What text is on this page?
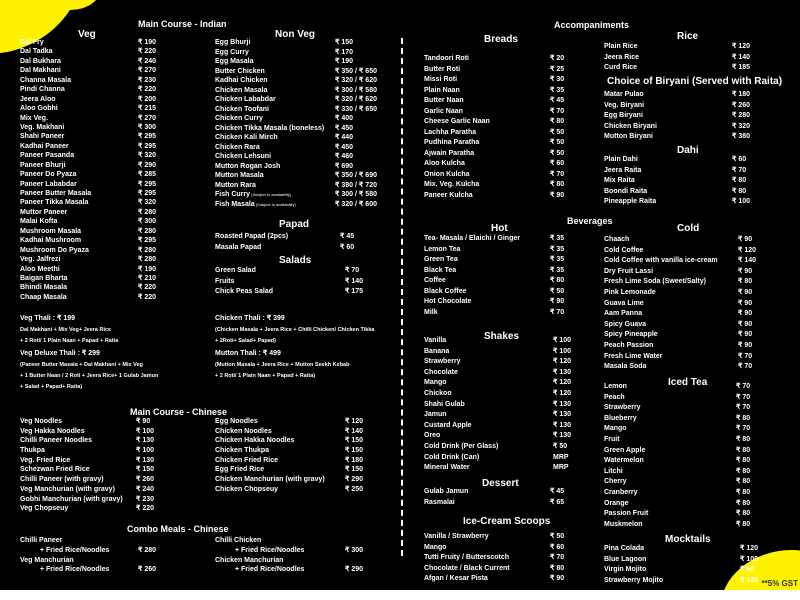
**5% GST
Main Course - Indian
Veg	Non Veg
Dal Fry	₹ 190
Dal Tadka	₹ 220
Dal Bukhara	₹ 240
Dal Makhani	₹ 270
Channa Masala	₹ 230
Pindi Channa	₹ 220
Jeera Aloo	₹ 200
Aloo Gobhi	₹ 215
Mix Veg.	₹ 270
Veg. Makhani	₹ 300
Shahi Paneer	₹ 295
Kadhai Paneer	₹ 295
Paneer Pasanda	₹ 320
Paneer Bhurji	₹ 290
Paneer Do Pyaza	₹ 285
Paneer Lababdar	₹ 295
Paneer Butter Masala	₹ 295
Paneer Tikka Masala	₹ 320
Muttor Paneer	₹ 280
Malai Kofta	₹ 300
Mushroom Masala	₹ 280
Kadhai Mushroom	₹ 295
Mushroom Do Pyaza	₹ 280
Veg. Jalfrezi	₹ 280
Aloo Meethi	₹ 190
Baigan Bharta	₹ 210
Bhindi Masala	₹ 220
Chaap Masala	₹ 220
Egg Bhurji	₹ 150
Egg Curry	₹ 170
Egg Masala	₹ 190
Butter Chicken	₹ 350 / ₹ 650
Kadhai Chicken	₹ 320 / ₹ 620
Chicken Masala	₹ 300 / ₹ 580
Chicken Lababdar	₹ 320 / ₹ 620
Chicken Toofani	₹ 330 / ₹ 650
Chicken Curry	₹ 400
Chicken Tikka Masala (boneless) ₹ 450
Chicken Kali Mirch	₹ 440
Chicken Rara	₹ 450
Chicken Lehsuni	₹ 460
Mutton Rogan Josh	₹ 690
Mutton Masala	₹ 350 / ₹ 690
Mutton Rara	₹ 380 / ₹ 720
Fish Curry (Subject to availability)	₹ 300 / ₹ 580
Fish Masala (Subject to availability)	₹ 320 / ₹ 600
Papad
Roasted Papad (2pcs)	₹ 45
Masala Papad	₹ 60
Salads
Green Salad	₹ 70
Fruits	₹ 140
Chick Peas Salad	₹ 175
Veg Thali : ₹ 199
Dal Makhani + Mix Veg+ Jeera Rice
+ 2 Roti/ 1 Plain Naan + Papad + Raita
Veg Deluxe Thali : ₹ 299
(Paneer Butter Masala + Dal Makhani + Mix Veg
+ 1 Butter Naan / 2 Roti + Jeera Rice+ 1 Gulab Jamun
+ Salad + Papad+ Raita)
Chicken Thali : ₹ 399
(Chicken Masala + Jeera Rice + Chilli Chicken/ Chicken Tikka
+ 2Roti+ Salad+ Papad)
Mutton Thali : ₹ 499
(Mutton Masala + Jeera Rice + Mutton Seekh Kebab
+ 2 Roti/ 1 Plain Naan + Papad + Raita)
Main Course - Chinese
Veg Noodles	₹ 90
Veg Hakka Noodles	₹ 100
Chilli Paneer Noodles	₹ 130
Thukpa	₹ 100
Veg. Fried Rice	₹ 130
Schezwan Fried Rice	₹ 150
Chilli Paneer (with gravy)	₹ 260
Veg Manchurian (with gravy)	₹ 240
Gobhi Manchurian (with gravy) ₹ 230
Veg Chopseuy	₹ 220
Egg Noodles	₹ 120
Chicken Noodles	₹ 140
Chicken Hakka Noodles	₹ 150
Chicken Thukpa	₹ 150
Chicken Fried Rice	₹ 180
Egg Fried Rice	₹ 150
Chicken Manchurian (with gravy)	₹ 290
Chicken Chopseuy	₹ 250
Combo Meals - Chinese
Chilli Paneer
+ Fried Rice/Noodles	₹ 280
Veg Manchurian
+ Fried Rice/Noodles	₹ 260
Chilli Chicken
+ Fried Rice/Noodles	₹ 300
Chicken Manchurian
+ Fried Rice/Noodles	₹ 290
Accompaniments
Breads
Tandoori Roti	₹ 20
Butter Roti	₹ 25
Missi Roti	₹ 30
Plain Naan	₹ 35
Butter Naan	₹ 45
Garlic Naan	₹ 70
Cheese Garlic Naan	₹ 80
Lachha Paratha	₹ 50
Pudhina Paratha	₹ 50
Ajwain Paratha	₹ 50
Aloo Kulcha	₹ 60
Onion Kulcha	₹ 70
Mix. Veg. Kulcha	₹ 80
Paneer Kulcha	₹ 90
Rice
Plain Rice	₹ 120
Jeera Rice	₹ 140
Curd Rice	₹ 185
Choice of Biryani (Served with Raita)
Matar Pulao	₹ 180
Veg. Biryani	₹ 260
Egg Biryani	₹ 280
Chicken Biryani	₹ 320
Mutton Biryani	₹ 380
Dahi
Plain Dahi	₹ 60
Jeera Raita	₹ 70
Mix Raita	₹ 80
Boondi Raita	₹ 80
Pineapple Raita	₹ 100
Beverages
Hot
Tea- Masala / Elaichi / Ginger	₹ 35
Lemon Tea	₹ 35
Green Tea	₹ 35
Black Tea	₹ 35
Coffee	₹ 80
Black Coffee	₹ 50
Hot Chocolate	₹ 90
Milk	₹ 70
Shakes
Vanilla	₹ 100
Banana	₹ 100
Strawberry	₹ 120
Chocolate	₹ 130
Mango	₹ 120
Chickoo	₹ 120
Shahi Gulab	₹ 130
Jamun	₹ 130
Custard Apple	₹ 130
Oreo	₹ 130
Cold Drink (Per Glass)	₹ 50
Cold Drink (Can)	MRP
Mineral Water	MRP
Cold
Chaach	₹ 90
Cold Coffee	₹ 120
Cold Coffee with vanilla ice-cream	₹ 140
Dry Fruit Lassi	₹ 90
Fresh Lime Soda (Sweet/Salty)	₹ 80
Pink Lemonade	₹ 90
Guava Lime	₹ 90
Aam Panna	₹ 90
Spicy Guava	₹ 90
Spicy Pineapple	₹ 90
Peach Passion	₹ 90
Fresh Lime Water	₹ 70
Masala Soda	₹ 70
Iced Tea
Lemon	₹ 70
Peach	₹ 70
Strawberry	₹ 70
Blueberry	₹ 80
Mango	₹ 70
Fruit	₹ 80
Green Apple	₹ 80
Watermelon	₹ 80
Litchi	₹ 80
Cherry	₹ 80
Cranberry	₹ 80
Orange	₹ 80
Passion Fruit	₹ 80
Muskmelon	₹ 80
Mocktails
Pina Colada	₹ 120
Blue Lagoon	₹ 100
Virgin Mojito	₹ 90
Strawberry Mojito	₹ 120
Dessert
Gulab Jamun	₹ 45
Rasmalai	₹ 65
Ice-Cream Scoops
Vanilla / Strawberry	₹ 50
Mango	₹ 60
Tutti Fruity / Butterscotch	₹ 70
Chocolate / Black Current	₹ 80
Afgan / Kesar Pista	₹ 90
